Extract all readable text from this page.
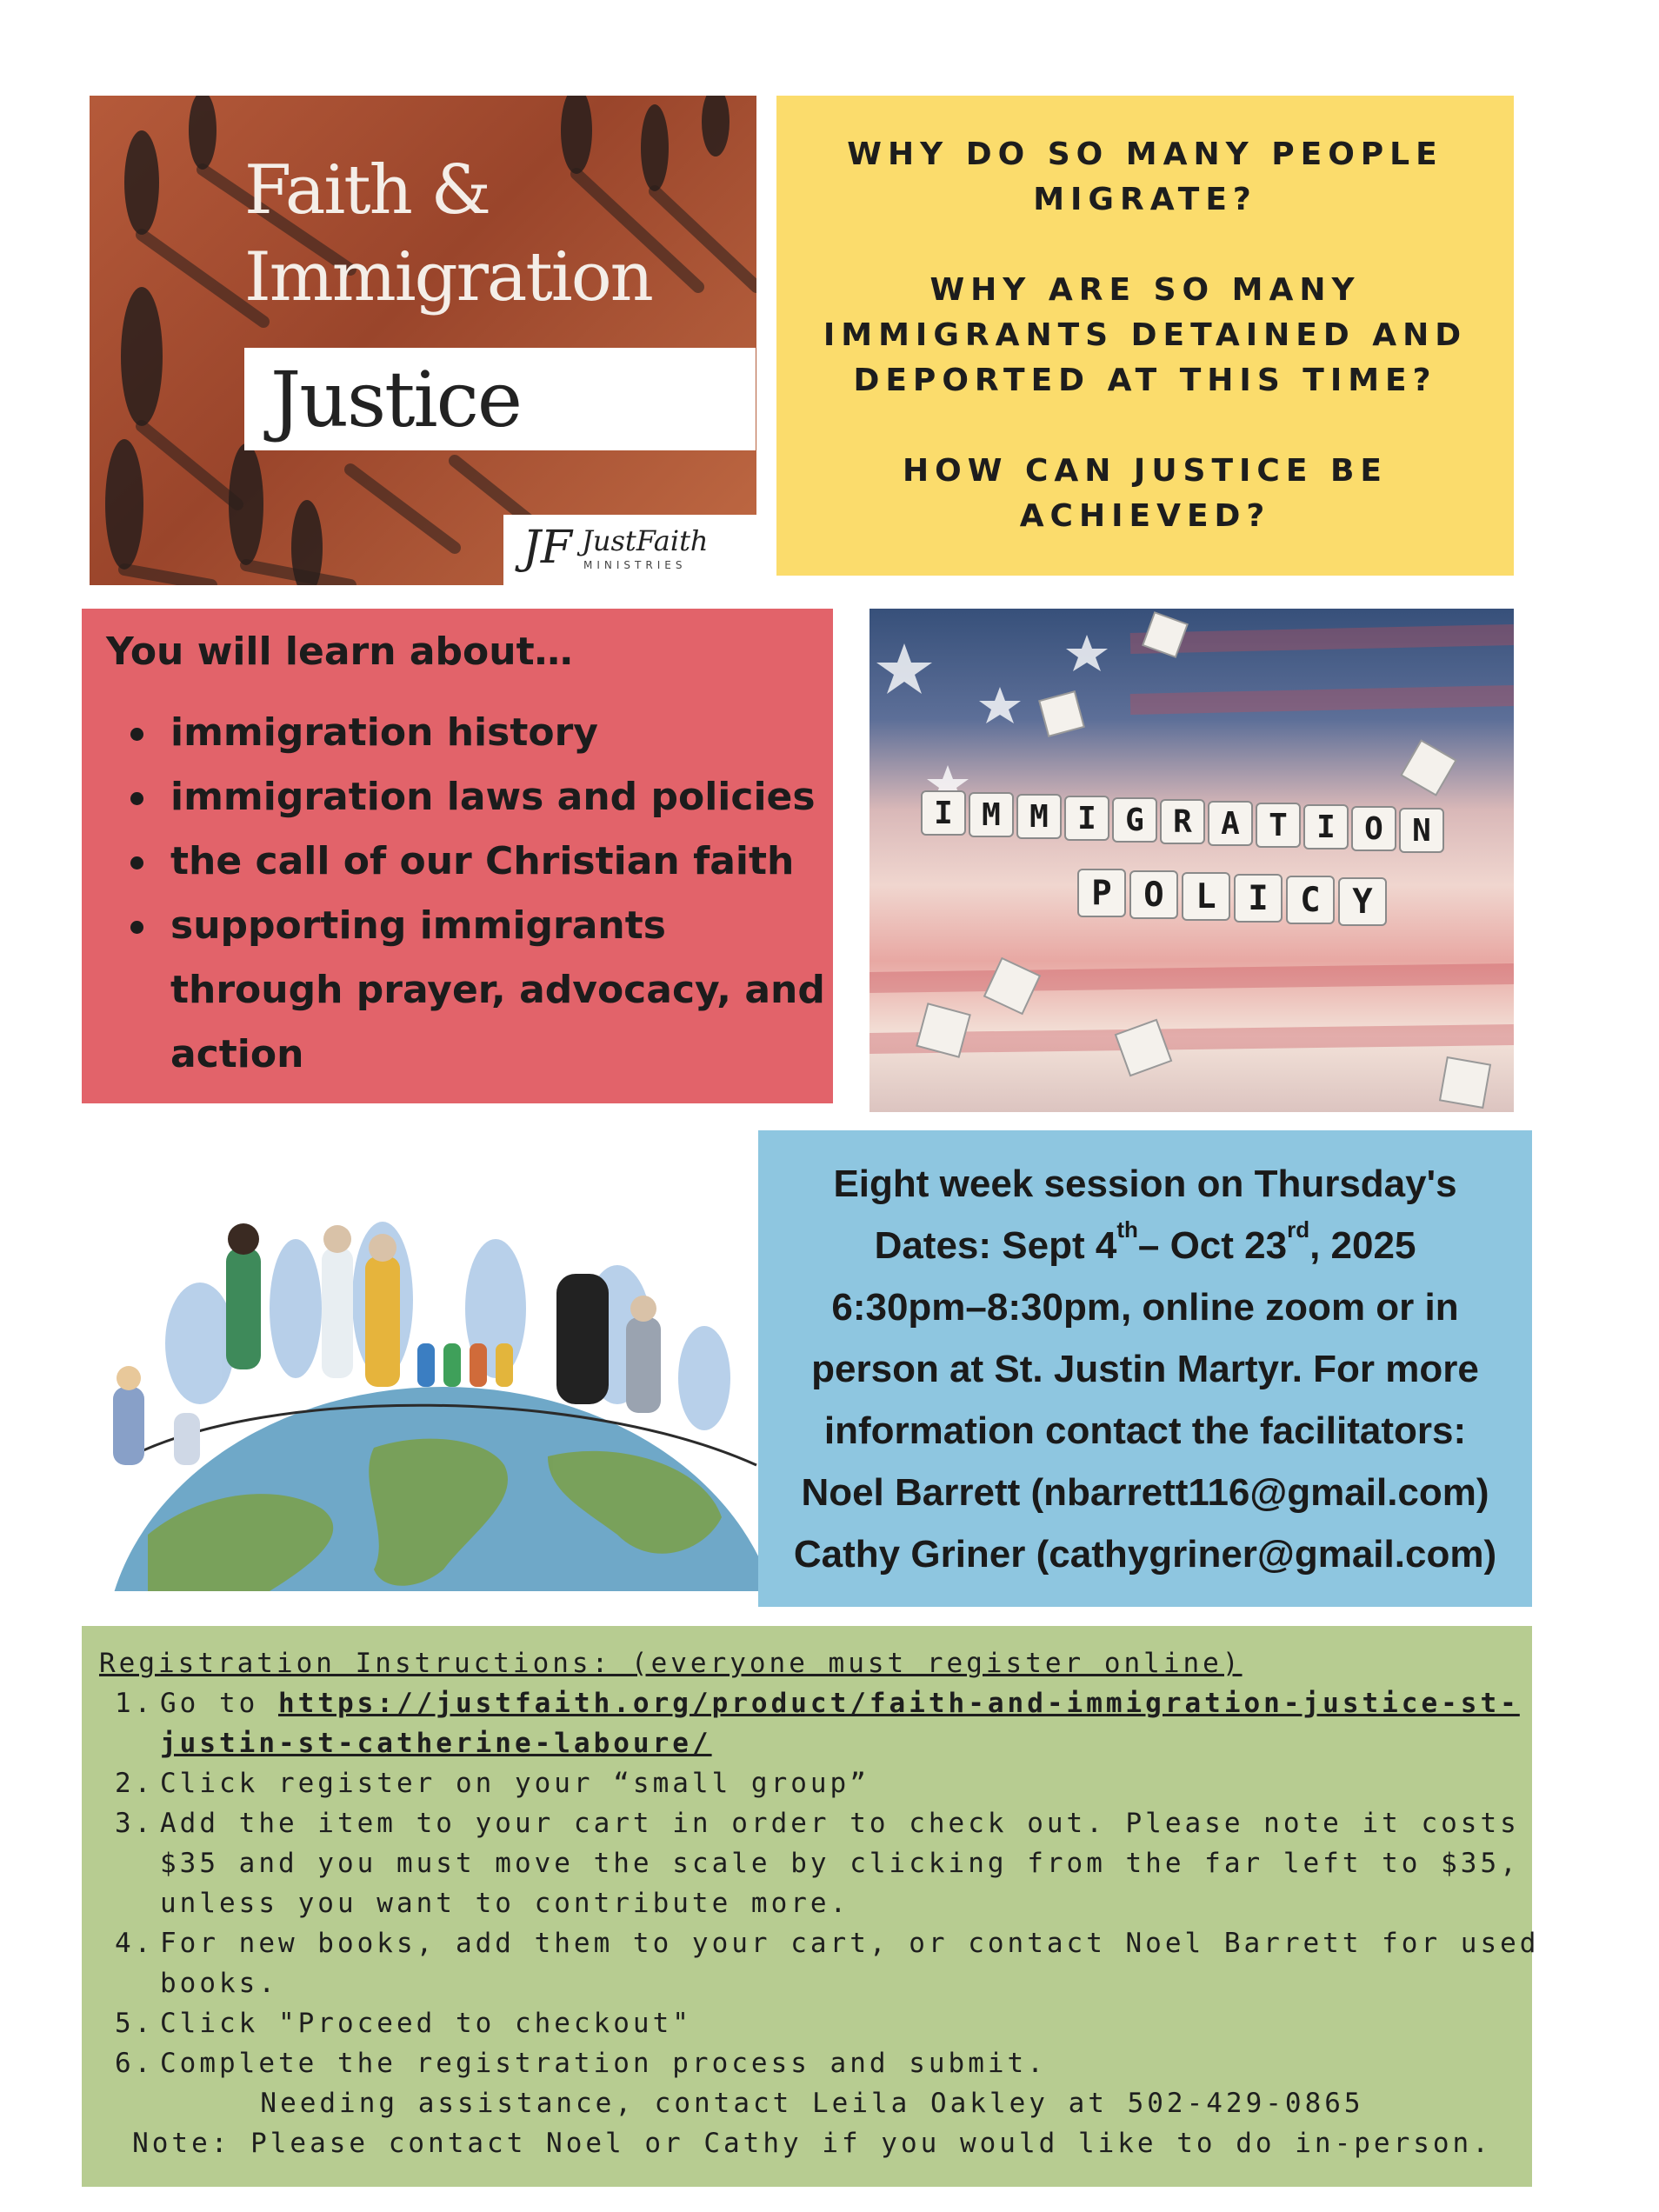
Faith &
Immigration
Justice
JF JustFaith
MINISTRIES
WHY DO SO MANY PEOPLE MIGRATE?
WHY ARE SO MANY IMMIGRANTS DETAINED AND DEPORTED AT THIS TIME?
HOW CAN JUSTICE BE ACHIEVED?

You will learn about…

immigration history
immigration laws and policies
the call of our Christian faith
supporting immigrants through prayer, advocacy, and action
I M M I G R A T I O N
P O L I C Y
Eight week session on Thursday's
Dates: Sept 4th– Oct 23rd, 2025
6:30pm–8:30pm, online zoom or in
person at St. Justin Martyr. For more
information contact the facilitators:
Noel Barrett (nbarrett116@gmail.com)
Cathy Griner (cathygriner@gmail.com)
Registration Instructions: (everyone must register online)
1. Go to https://justfaith.org/product/faith-and-immigration-justice-st-justin-st-catherine-laboure/
2. Click register on your “small group”
3. Add the item to your cart in order to check out. Please note it costs $35 and you must move the scale by clicking from the far left to $35, unless you want to contribute more.
4. For new books, add them to your cart, or contact Noel Barrett for used books.
5. Click "Proceed to checkout"
6. Complete the registration process and submit.
Needing assistance, contact Leila Oakley at 502-429-0865
Note: Please contact Noel or Cathy if you would like to do in-person.
